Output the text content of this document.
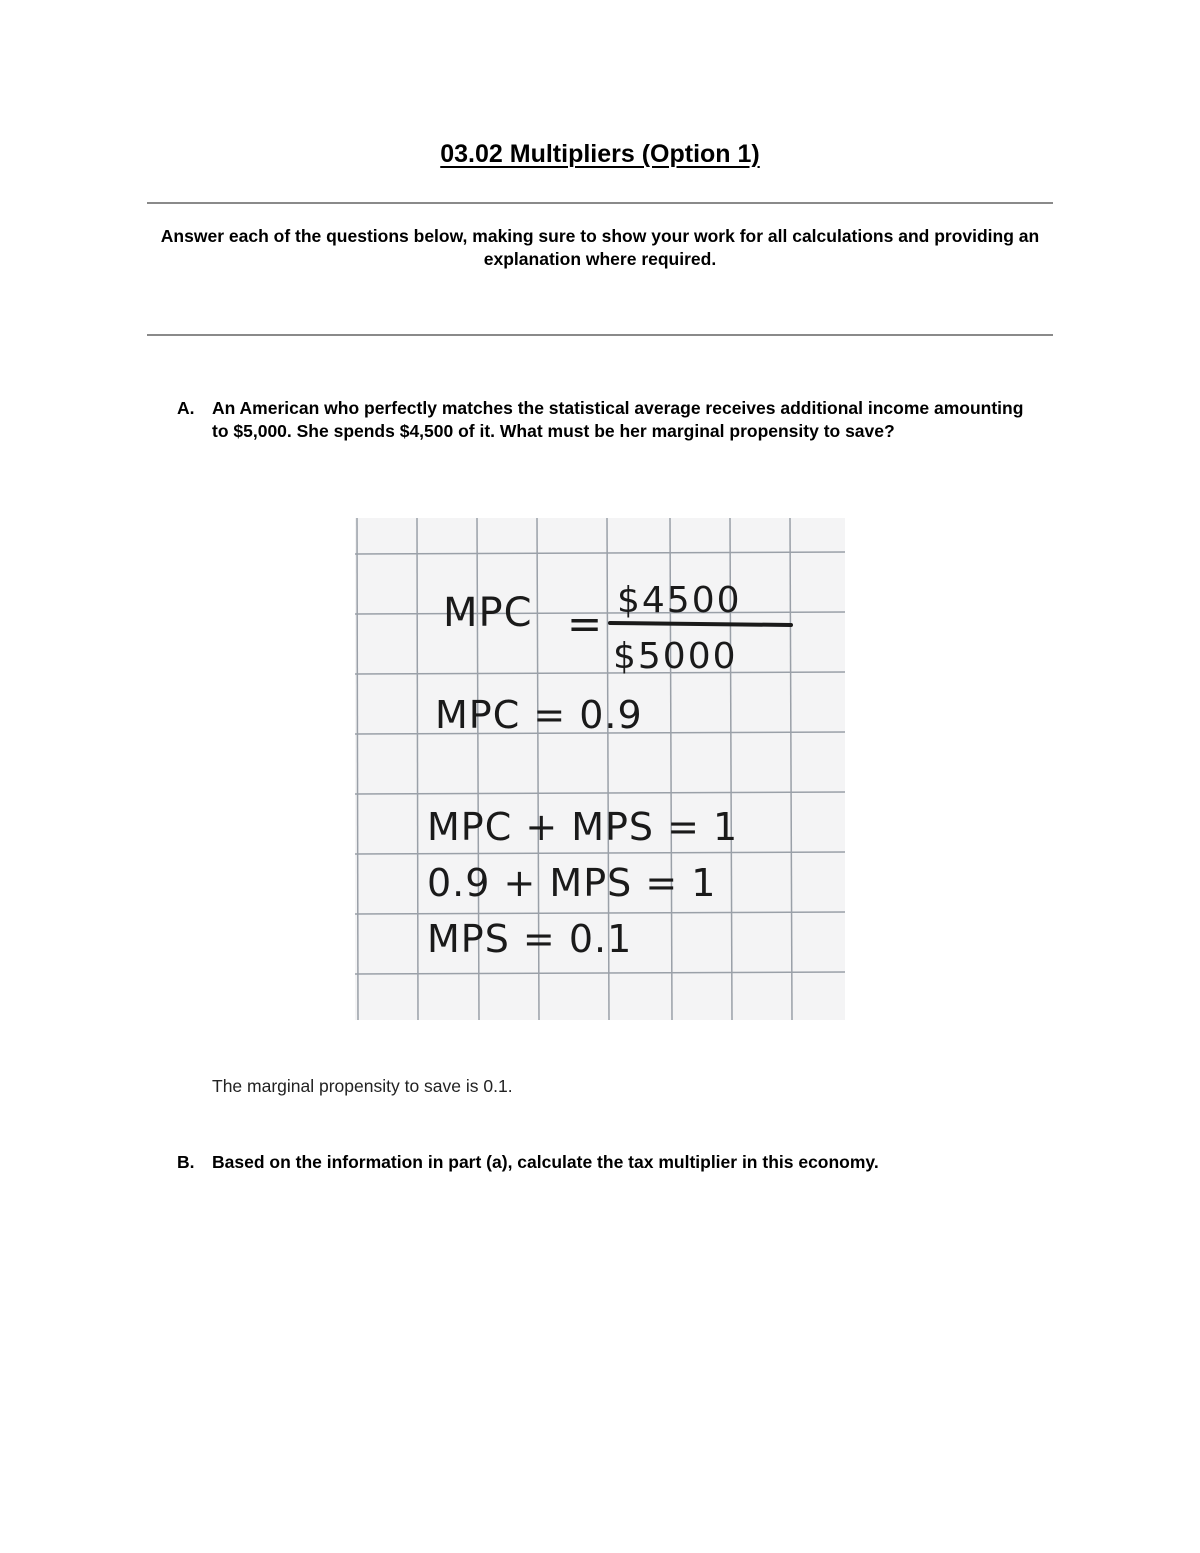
03.02 Multipliers (Option 1)
Answer each of the questions below, making sure to show your work for all calculations and providing an explanation where required.
A. An American who perfectly matches the statistical average receives additional income amounting to $5,000. She spends $4,500 of it. What must be her marginal propensity to save?
MPC = $4500
$5000
MPC = 0.9
MPC + MPS = 1
0.9 + MPS = 1
MPS = 0.1
The marginal propensity to save is 0.1.
B. Based on the information in part (a), calculate the tax multiplier in this economy.
